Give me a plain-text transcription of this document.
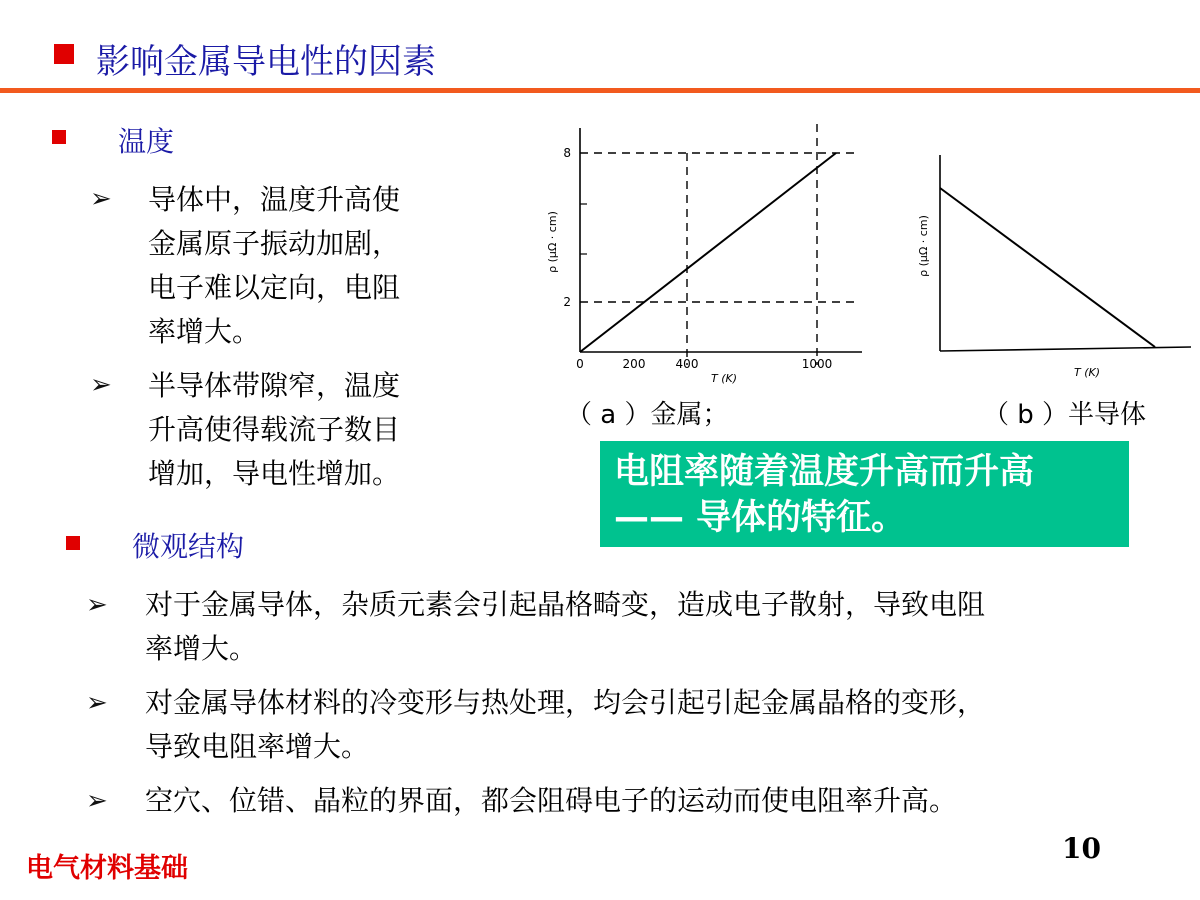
影响金属导电性的因素
温度
➢ 导体中，温度升高使
金属原子振动加剧，
电子难以定向，电阻
率增大。
➢ 半导体带隙窄，温度
升高使得载流子数目
增加，导电性增加。
8
2
0	200	400	1000
T (K)
ρ (μΩ · cm)
（ a ）金属；
T (K)
ρ (μΩ · cm)
（ b ）半导体
电阻率随着温度升高而升高
—— 导体的特征。
微观结构
➢ 对于金属导体，杂质元素会引起晶格畸变，造成电子散射，导致电阻
率增大。
➢ 对金属导体材料的冷变形与热处理，均会引起引起金属晶格的变形，
导致电阻率增大。
➢ 空穴、位错、晶粒的界面，都会阻碍电子的运动而使电阻率升高。
电气材料基础
10
